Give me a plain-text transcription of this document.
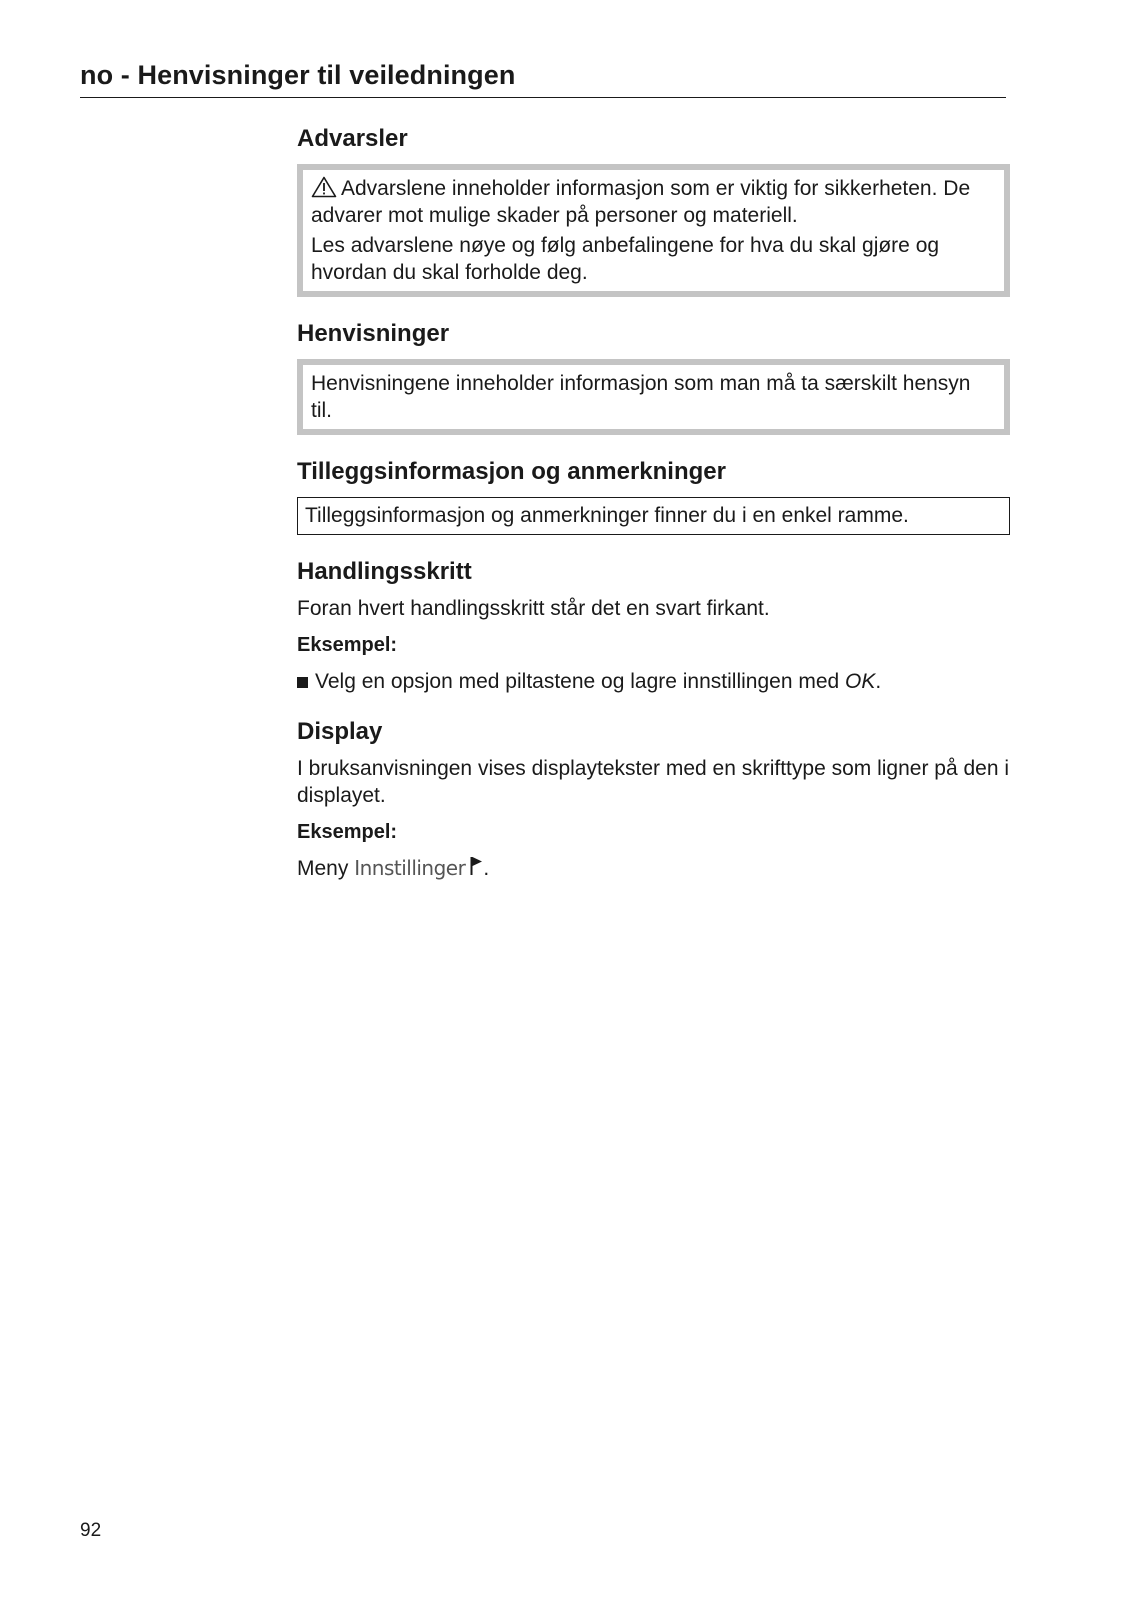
no - Henvisninger til veiledningen
Advarsler

Advarslene inneholder informasjon som er viktig for sikkerheten. De advarer mot mulige skader på personer og materiell.

Les advarslene nøye og følg anbefalingene for hva du skal gjøre og hvordan du skal forholde deg.

Henvisninger

Henvisningene inneholder informasjon som man må ta særskilt hensyn til.

Tilleggsinformasjon og anmerkninger
Tilleggsinformasjon og anmerkninger finner du i en enkel ramme.
Handlingsskritt

Foran hvert handlingsskritt står det en svart firkant.

Eksempel:

Velg en opsjon med piltastene og lagre innstillingen med OK.
Display

I bruksanvisningen vises displaytekster med en skrifttype som ligner på den i displayet.

Eksempel:

Meny Innstillinger .

92
